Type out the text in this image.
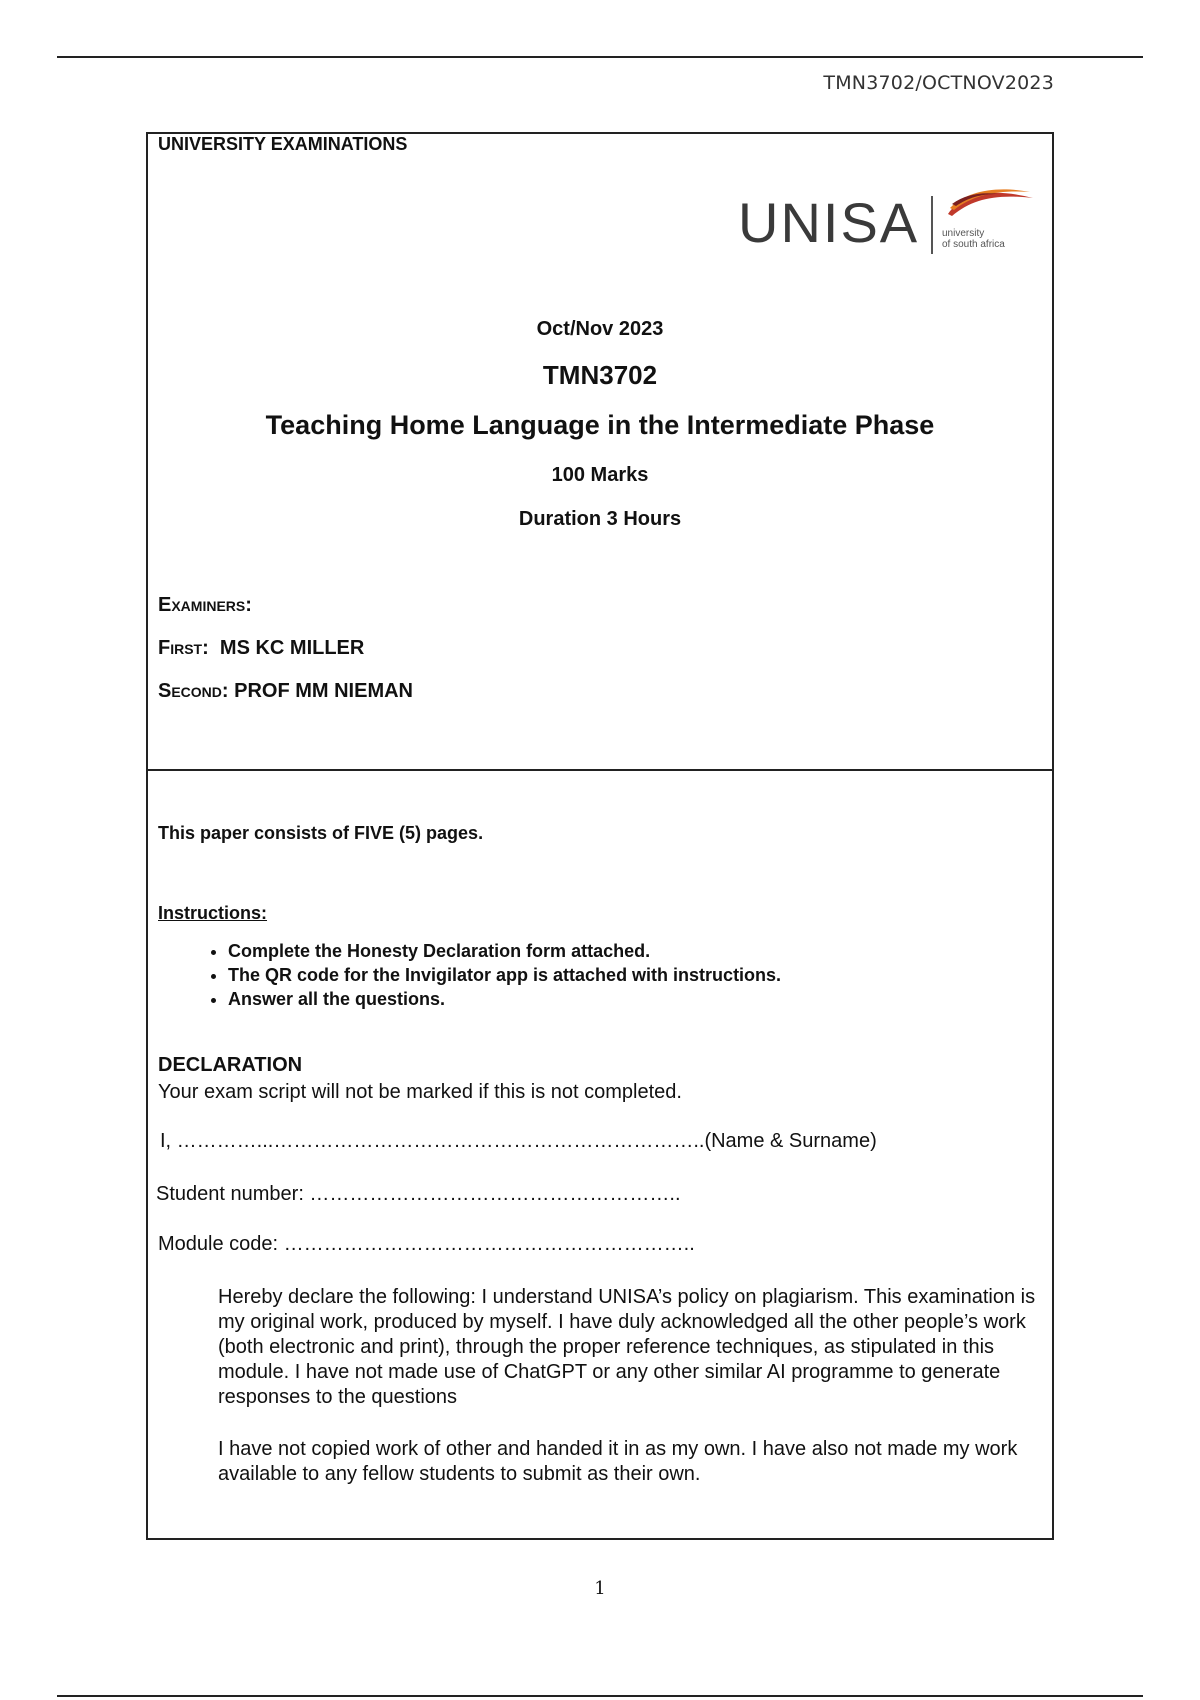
TMN3702/OCTNOV2023
UNIVERSITY EXAMINATIONS
UNISA university
of south africa
Oct/Nov 2023
TMN3702
Teaching Home Language in the Intermediate Phase
100 Marks
Duration 3 Hours
Examiners:
First: MS KC MILLER
Second: PROF MM NIEMAN
This paper consists of FIVE (5) pages.
Instructions:
• Complete the Honesty Declaration form attached.
• The QR code for the Invigilator app is attached with instructions.
• Answer all the questions.
DECLARATION
Your exam script will not be marked if this is not completed.
I, …………...………………………………………………………..(Name & Surname)
Student number: ………………………………………………..
Module code: ……………………………………………………..

Hereby declare the following: I understand UNISA’s policy on plagiarism. This examination is my original work, produced by myself. I have duly acknowledged all the other people’s work (both electronic and print), through the proper reference techniques, as stipulated in this module. I have not made use of ChatGPT or any other similar AI programme to generate responses to the questions

I have not copied work of other and handed it in as my own. I have also not made my work available to any fellow students to submit as their own.

1
